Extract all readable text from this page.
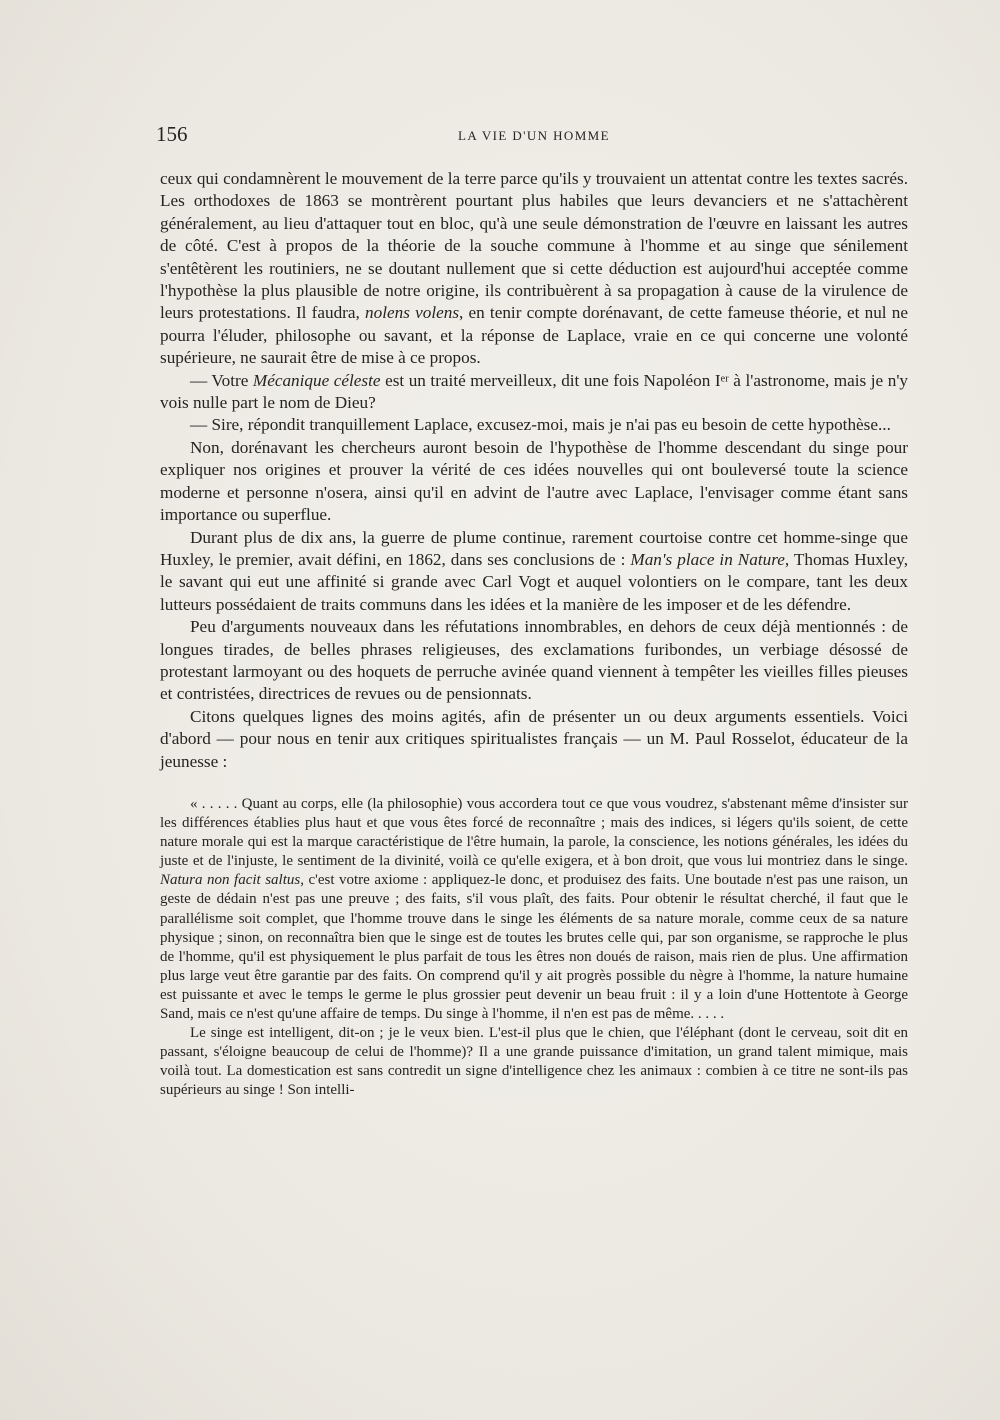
156	LA VIE D'UN HOMME

ceux qui condamnèrent le mouvement de la terre parce qu'ils y trouvaient un attentat contre les textes sacrés. Les orthodoxes de 1863 se montrèrent pourtant plus habiles que leurs devanciers et ne s'attachèrent généralement, au lieu d'attaquer tout en bloc, qu'à une seule démonstration de l'œuvre en laissant les autres de côté. C'est à propos de la théorie de la souche commune à l'homme et au singe que sénilement s'entêtèrent les routiniers, ne se doutant nullement que si cette déduction est aujourd'hui acceptée comme l'hypothèse la plus plausible de notre origine, ils contribuèrent à sa propagation à cause de la virulence de leurs protestations. Il faudra, nolens volens, en tenir compte dorénavant, de cette fameuse théorie, et nul ne pourra l'éluder, philosophe ou savant, et la réponse de Laplace, vraie en ce qui concerne une volonté supérieure, ne saurait être de mise à ce propos.

— Votre Mécanique céleste est un traité merveilleux, dit une fois Napoléon Iᵉʳ à l'astronome, mais je n'y vois nulle part le nom de Dieu?

— Sire, répondit tranquillement Laplace, excusez-moi, mais je n'ai pas eu besoin de cette hypothèse...

Non, dorénavant les chercheurs auront besoin de l'hypothèse de l'homme descendant du singe pour expliquer nos origines et prouver la vérité de ces idées nouvelles qui ont bouleversé toute la science moderne et personne n'osera, ainsi qu'il en advint de l'autre avec Laplace, l'envisager comme étant sans importance ou superflue.

Durant plus de dix ans, la guerre de plume continue, rarement courtoise contre cet homme-singe que Huxley, le premier, avait défini, en 1862, dans ses conclusions de : Man's place in Nature, Thomas Huxley, le savant qui eut une affinité si grande avec Carl Vogt et auquel volontiers on le compare, tant les deux lutteurs possédaient de traits communs dans les idées et la manière de les imposer et de les défendre.

Peu d'arguments nouveaux dans les réfutations innombrables, en dehors de ceux déjà mentionnés : de longues tirades, de belles phrases religieuses, des exclamations furibondes, un verbiage désossé de protestant larmoyant ou des hoquets de perruche avinée quand viennent à tempêter les vieilles filles pieuses et contristées, directrices de revues ou de pensionnats.

Citons quelques lignes des moins agités, afin de présenter un ou deux arguments essentiels. Voici d'abord — pour nous en tenir aux critiques spiritualistes français — un M. Paul Rosselot, éducateur de la jeunesse :

« . . . . . Quant au corps, elle (la philosophie) vous accordera tout ce que vous voudrez, s'abstenant même d'insister sur les différences établies plus haut et que vous êtes forcé de reconnaître ; mais des indices, si légers qu'ils soient, de cette nature morale qui est la marque caractéristique de l'être humain, la parole, la conscience, les notions générales, les idées du juste et de l'injuste, le sentiment de la divinité, voilà ce qu'elle exigera, et à bon droit, que vous lui montriez dans le singe. Natura non facit saltus, c'est votre axiome : appliquez-le donc, et produisez des faits. Une boutade n'est pas une raison, un geste de dédain n'est pas une preuve ; des faits, s'il vous plaît, des faits. Pour obtenir le résultat cherché, il faut que le parallélisme soit complet, que l'homme trouve dans le singe les éléments de sa nature morale, comme ceux de sa nature physique ; sinon, on reconnaîtra bien que le singe est de toutes les brutes celle qui, par son organisme, se rapproche le plus de l'homme, qu'il est physiquement le plus parfait de tous les êtres non doués de raison, mais rien de plus. Une affirmation plus large veut être garantie par des faits. On comprend qu'il y ait progrès possible du nègre à l'homme, la nature humaine est puissante et avec le temps le germe le plus grossier peut devenir un beau fruit : il y a loin d'une Hottentote à George Sand, mais ce n'est qu'une affaire de temps. Du singe à l'homme, il n'en est pas de même. . . . .

Le singe est intelligent, dit-on ; je le veux bien. L'est-il plus que le chien, que l'éléphant (dont le cerveau, soit dit en passant, s'éloigne beaucoup de celui de l'homme)? Il a une grande puissance d'imitation, un grand talent mimique, mais voilà tout. La domestication est sans contredit un signe d'intelligence chez les animaux : combien à ce titre ne sont-ils pas supérieurs au singe ! Son intelli-
